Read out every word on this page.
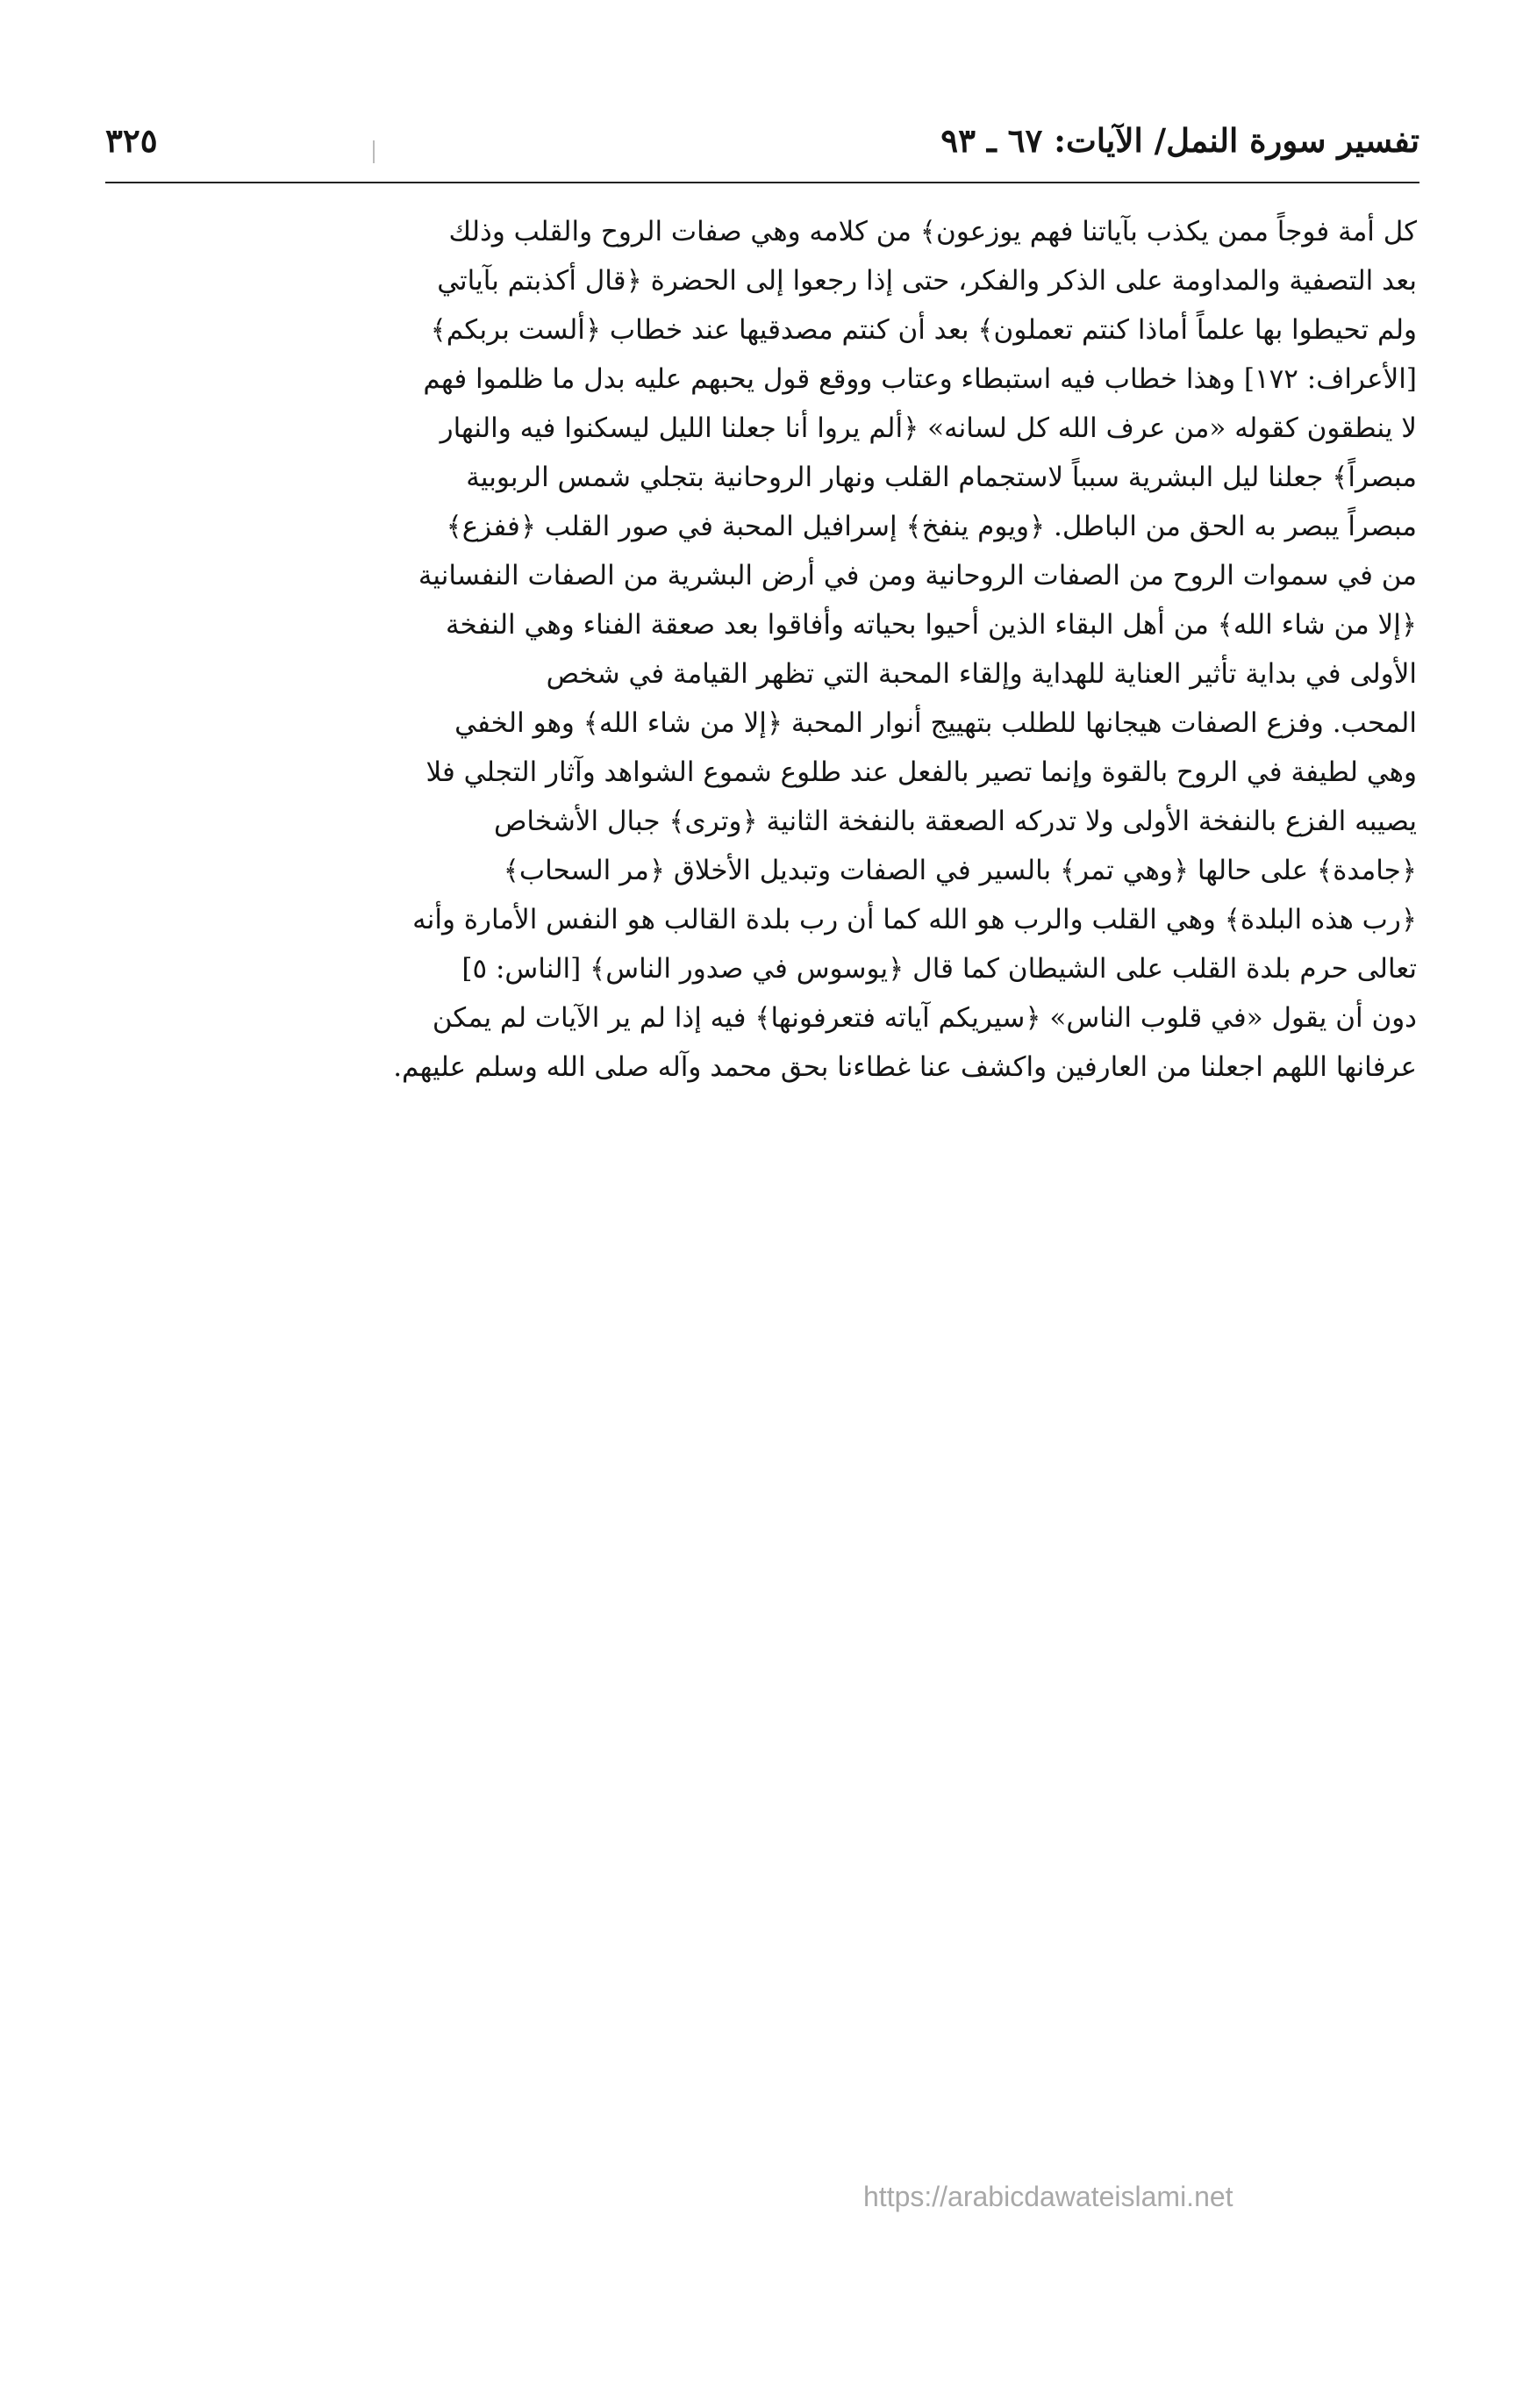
تفسير سورة النمل/ الآيات: ٦٧ ـ ٩٣
٣٢٥
كل أمة فوجاً ممن يكذب بآياتنا فهم يوزعون﴾ من كلامه وهي صفات الروح والقلب وذلك
بعد التصفية والمداومة على الذكر والفكر، حتى إذا رجعوا إلى الحضرة ﴿قال أكذبتم بآياتي
ولم تحيطوا بها علماً أماذا كنتم تعملون﴾ بعد أن كنتم مصدقيها عند خطاب ﴿ألست بربكم﴾
[الأعراف: ١٧٢] وهذا خطاب فيه استبطاء وعتاب ووقع قول يحبهم عليه بدل ما ظلموا فهم
لا ينطقون كقوله «من عرف الله كل لسانه» ﴿ألم يروا أنا جعلنا الليل ليسكنوا فيه والنهار
مبصراً﴾ جعلنا ليل البشرية سبباً لاستجمام القلب ونهار الروحانية بتجلي شمس الربوبية
مبصراً يبصر به الحق من الباطل. ﴿ويوم ينفخ﴾ إسرافيل المحبة في صور القلب ﴿ففزع﴾
من في سموات الروح من الصفات الروحانية ومن في أرض البشرية من الصفات النفسانية
﴿إلا من شاء الله﴾ من أهل البقاء الذين أحيوا بحياته وأفاقوا بعد صعقة الفناء وهي النفخة
الأولى في بداية تأثير العناية للهداية وإلقاء المحبة التي تظهر القيامة في شخص
المحب. وفزع الصفات هيجانها للطلب بتهييج أنوار المحبة ﴿إلا من شاء الله﴾ وهو الخفي
وهي لطيفة في الروح بالقوة وإنما تصير بالفعل عند طلوع شموع الشواهد وآثار التجلي فلا
يصيبه الفزع بالنفخة الأولى ولا تدركه الصعقة بالنفخة الثانية ﴿وترى﴾ جبال الأشخاص
﴿جامدة﴾ على حالها ﴿وهي تمر﴾ بالسير في الصفات وتبديل الأخلاق ﴿مر السحاب﴾
﴿رب هذه البلدة﴾ وهي القلب والرب هو الله كما أن رب بلدة القالب هو النفس الأمارة وأنه
تعالى حرم بلدة القلب على الشيطان كما قال ﴿يوسوس في صدور الناس﴾ [الناس: ٥]
دون أن يقول «في قلوب الناس» ﴿سيريكم آياته فتعرفونها﴾ فيه إذا لم ير الآيات لم يمكن
عرفانها اللهم اجعلنا من العارفين واكشف عنا غطاءنا بحق محمد وآله صلى الله وسلم عليهم.
https://arabicdawateislami.net
